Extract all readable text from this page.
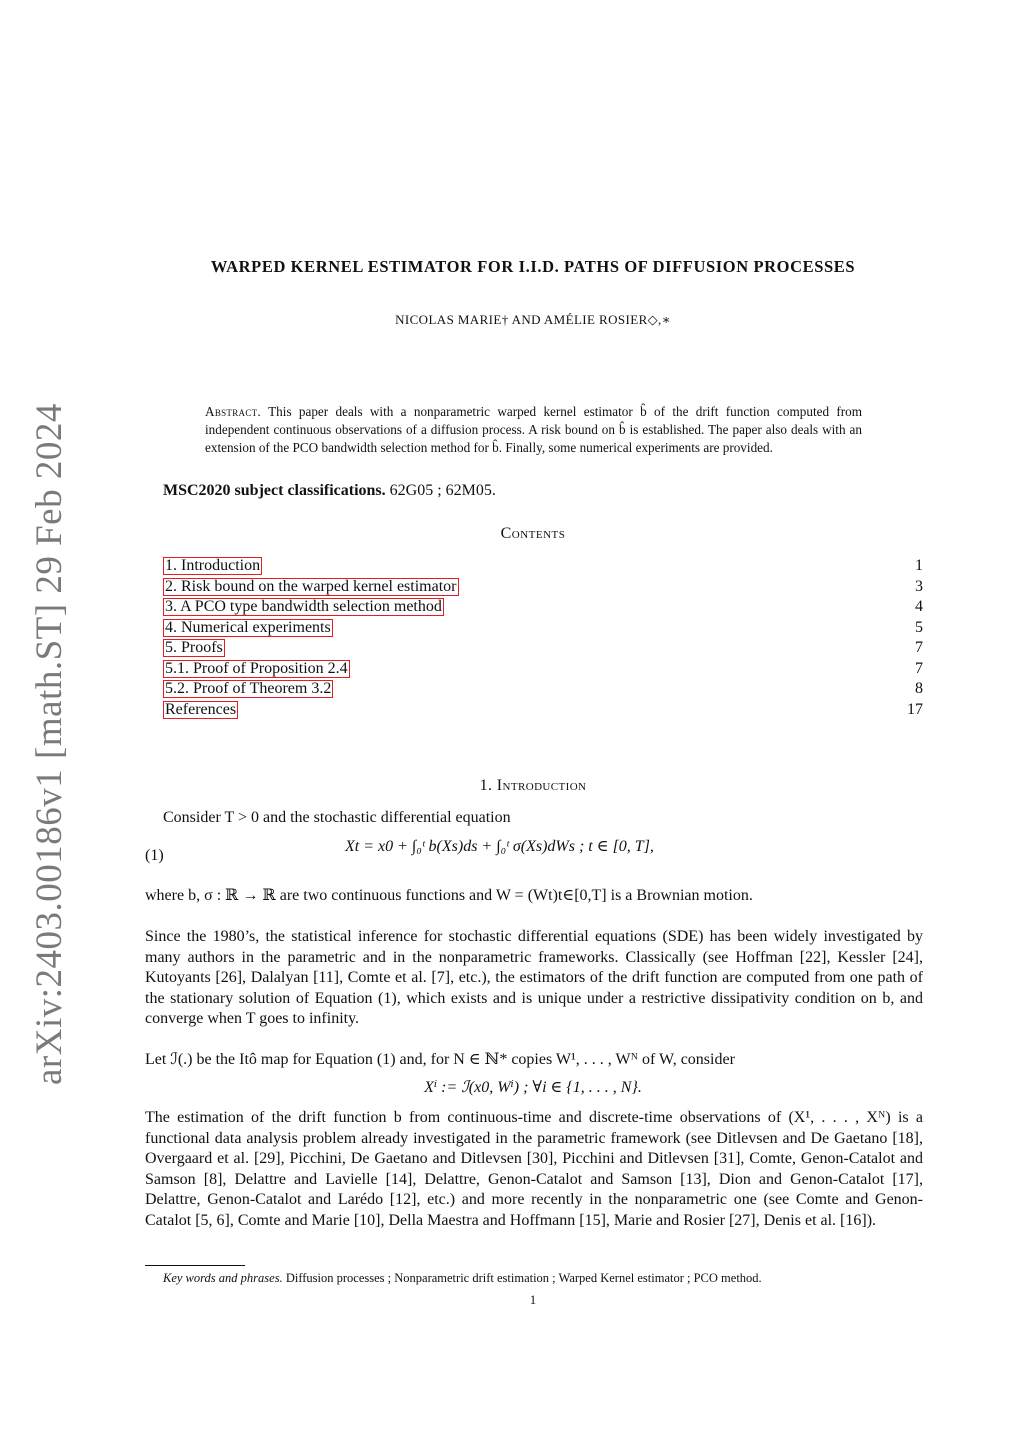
arXiv:2403.00186v1 [math.ST] 29 Feb 2024
WARPED KERNEL ESTIMATOR FOR I.I.D. PATHS OF DIFFUSION PROCESSES
NICOLAS MARIE† AND AMÉLIE ROSIER◇,∗
Abstract. This paper deals with a nonparametric warped kernel estimator b̂ of the drift function computed from independent continuous observations of a diffusion process. A risk bound on b̂ is established. The paper also deals with an extension of the PCO bandwidth selection method for b̂. Finally, some numerical experiments are provided.
MSC2020 subject classifications. 62G05 ; 62M05.
Contents
1. Introduction	1
2. Risk bound on the warped kernel estimator	3
3. A PCO type bandwidth selection method	4
4. Numerical experiments	5
5. Proofs	7
5.1. Proof of Proposition 2.4	7
5.2. Proof of Theorem 3.2	8
References	17
1. Introduction
Consider T > 0 and the stochastic differential equation
(1)
Xt = x0 + ∫₀ᵗ b(Xs)ds + ∫₀ᵗ σ(Xs)dWs ; t ∈ [0, T],
where b, σ : ℝ → ℝ are two continuous functions and W = (Wt)t∈[0,T] is a Brownian motion.
Since the 1980’s, the statistical inference for stochastic differential equations (SDE) has been widely investigated by many authors in the parametric and in the nonparametric frameworks. Classically (see Hoffman [22], Kessler [24], Kutoyants [26], Dalalyan [11], Comte et al. [7], etc.), the estimators of the drift function are computed from one path of the stationary solution of Equation (1), which exists and is unique under a restrictive dissipativity condition on b, and converge when T goes to infinity.
Let ℐ(.) be the Itô map for Equation (1) and, for N ∈ ℕ* copies W¹, . . . , Wᴺ of W, consider
Xⁱ := ℐ(x0, Wⁱ) ; ∀i ∈ {1, . . . , N}.
The estimation of the drift function b from continuous-time and discrete-time observations of (X¹, . . . , Xᴺ) is a functional data analysis problem already investigated in the parametric framework (see Ditlevsen and De Gaetano [18], Overgaard et al. [29], Picchini, De Gaetano and Ditlevsen [30], Picchini and Ditlevsen [31], Comte, Genon-Catalot and Samson [8], Delattre and Lavielle [14], Delattre, Genon-Catalot and Samson [13], Dion and Genon-Catalot [17], Delattre, Genon-Catalot and Larédo [12], etc.) and more recently in the nonparametric one (see Comte and Genon-Catalot [5, 6], Comte and Marie [10], Della Maestra and Hoffmann [15], Marie and Rosier [27], Denis et al. [16]).
Key words and phrases. Diffusion processes ; Nonparametric drift estimation ; Warped Kernel estimator ; PCO method.
1
